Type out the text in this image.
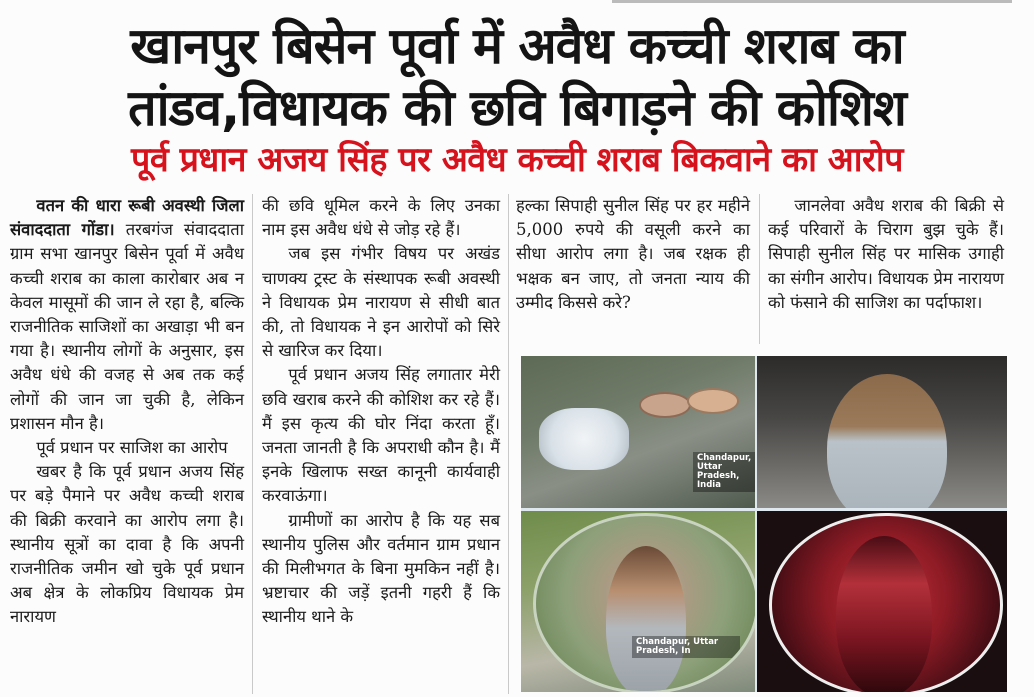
खानपुर बिसेन पूर्वा में अवैध कच्ची शराब का
तांडव,विधायक की छवि बिगाड़ने की कोशिश
पूर्व प्रधान अजय सिंह पर अवैध कच्ची शराब बिकवाने का आरोप

वतन की धारा रूबी अवस्थी जिला संवाददाता गोंडा। तरबगंज संवाददाता ग्राम सभा खानपुर बिसेन पूर्वा में अवैध कच्ची शराब का काला कारोबार अब न केवल मासूमों की जान ले रहा है, बल्कि राजनीतिक साजिशों का अखाड़ा भी बन गया है। स्थानीय लोगों के अनुसार, इस अवैध धंधे की वजह से अब तक कई लोगों की जान जा चुकी है, लेकिन प्रशासन मौन है।

पूर्व प्रधान पर साजिश का आरोप

खबर है कि पूर्व प्रधान अजय सिंह पर बड़े पैमाने पर अवैध कच्ची शराब की बिक्री करवाने का आरोप लगा है। स्थानीय सूत्रों का दावा है कि अपनी राजनीतिक जमीन खो चुके पूर्व प्रधान अब क्षेत्र के लोकप्रिय विधायक प्रेम नारायण

की छवि धूमिल करने के लिए उनका नाम इस अवैध धंधे से जोड़ रहे हैं।

जब इस गंभीर विषय पर अखंड चाणक्य ट्रस्ट के संस्थापक रूबी अवस्थी ने विधायक प्रेम नारायण से सीधी बात की, तो विधायक ने इन आरोपों को सिरे से खारिज कर दिया।

पूर्व प्रधान अजय सिंह लगातार मेरी छवि खराब करने की कोशिश कर रहे हैं। मैं इस कृत्य की घोर निंदा करता हूँ। जनता जानती है कि अपराधी कौन है। मैं इनके खिलाफ सख्त कानूनी कार्यवाही करवाऊंगा।

ग्रामीणों का आरोप है कि यह सब स्थानीय पुलिस और वर्तमान ग्राम प्रधान की मिलीभगत के बिना मुमकिन नहीं है। भ्रष्टाचार की जड़ें इतनी गहरी हैं कि स्थानीय थाने के

हल्का सिपाही सुनील सिंह पर हर महीने 5,000 रुपये की वसूली करने का सीधा आरोप लगा है। जब रक्षक ही भक्षक बन जाए, तो जनता न्याय की उम्मीद किससे करे?

जानलेवा अवैध शराब की बिक्री से कई परिवारों के चिराग बुझ चुके हैं। सिपाही सुनील सिंह पर मासिक उगाही का संगीन आरोप। विधायक प्रेम नारायण को फंसाने की साजिश का पर्दाफाश।

Chandapur, Uttar Pradesh, India
Chandapur, Uttar Pradesh, In
